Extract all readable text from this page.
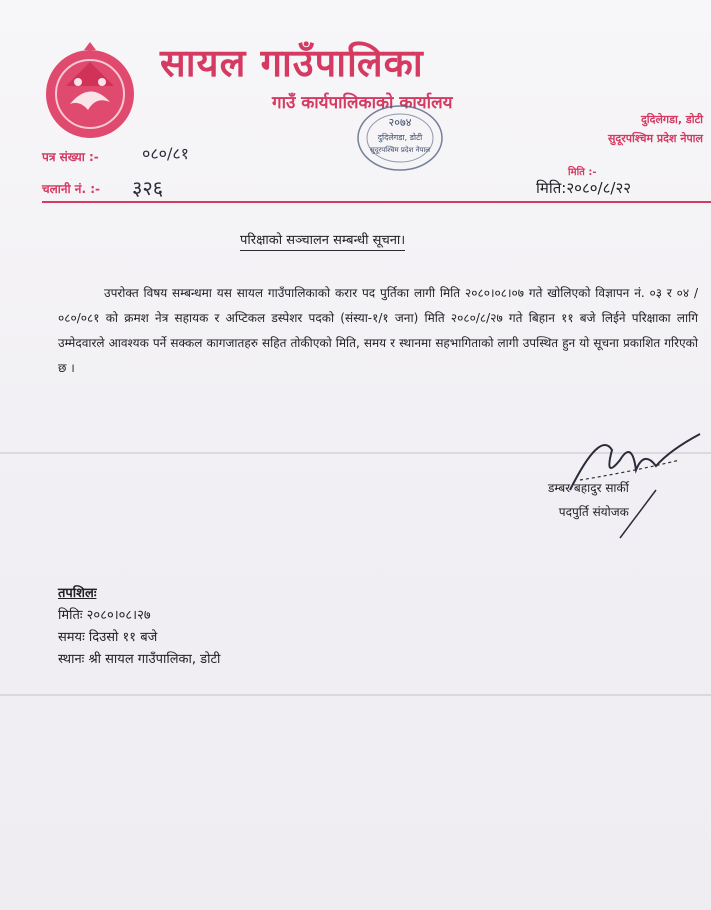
सायल गाउँपालिका
गाउँ कार्यपालिकाको कार्यालय
२०७४
दुदिलेगडा, डोटी
सुदूरपश्चिम प्रदेश नेपाल
दुदिलेगडा, डोटी
सुदूरपश्चिम प्रदेश नेपाल
पत्र संख्या :-	०८०/८१
चलानी नं. :- ३२६
मिति :-
मिति:२०८०/८/२२
परिक्षाको सञ्चालन सम्बन्धी सूचना।
उपरोक्त विषय सम्बन्धमा यस सायल गाउँपालिकाको करार पद पुर्तिका लागी मिति २०८०।०८।०७ गते खोलिएको विज्ञापन नं. ०३ र ०४ /०८०/०८१ को क्रमश नेत्र सहायक र अप्टिकल डस्पेशर पदको (संस्या-१/१ जना) मिति २०८०/८/२७ गते बिहान ११ बजे लिईने परिक्षाका लागि उम्मेदवारले आवश्यक पर्ने सक्कल कागजातहरु सहित तोकीएको मिति, समय र स्थानमा सहभागिताको लागी उपस्थित हुन यो सूचना प्रकाशित गरिएको छ ।
डम्बर बहादुर सार्की
पदपुर्ति संयोजक
तपशिलः
मितिः २०८०।०८।२७
समयः दिउसो ११ बजे
स्थानः श्री सायल गाउँपालिका, डोटी
